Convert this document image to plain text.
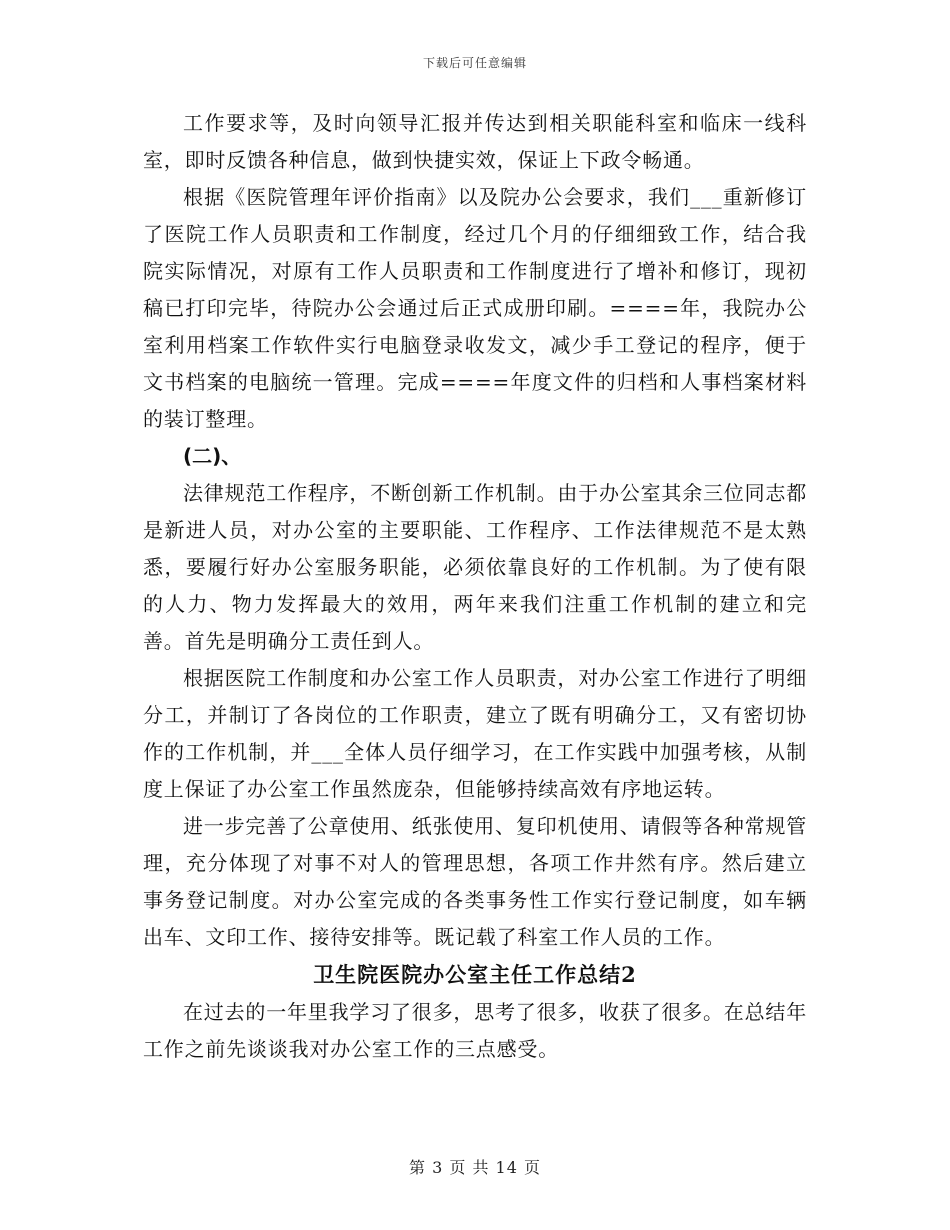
下载后可任意编辑

工作要求等，及时向领导汇报并传达到相关职能科室和临床一线科室，即时反馈各种信息，做到快捷实效，保证上下政令畅通。

根据《医院管理年评价指南》以及院办公会要求，我们___重新修订了医院工作人员职责和工作制度，经过几个月的仔细细致工作，结合我院实际情况，对原有工作人员职责和工作制度进行了增补和修订，现初稿已打印完毕，待院办公会通过后正式成册印刷。====年，我院办公室利用档案工作软件实行电脑登录收发文，减少手工登记的程序，便于文书档案的电脑统一管理。完成====年度文件的归档和人事档案材料的装订整理。

(二)、

法律规范工作程序，不断创新工作机制。由于办公室其余三位同志都是新进人员，对办公室的主要职能、工作程序、工作法律规范不是太熟悉，要履行好办公室服务职能，必须依靠良好的工作机制。为了使有限的人力、物力发挥最大的效用，两年来我们注重工作机制的建立和完善。首先是明确分工责任到人。

根据医院工作制度和办公室工作人员职责，对办公室工作进行了明细分工，并制订了各岗位的工作职责，建立了既有明确分工，又有密切协作的工作机制，并___全体人员仔细学习，在工作实践中加强考核，从制度上保证了办公室工作虽然庞杂，但能够持续高效有序地运转。

进一步完善了公章使用、纸张使用、复印机使用、请假等各种常规管理，充分体现了对事不对人的管理思想，各项工作井然有序。然后建立事务登记制度。对办公室完成的各类事务性工作实行登记制度，如车辆出车、文印工作、接待安排等。既记载了科室工作人员的工作。

卫生院医院办公室主任工作总结2

在过去的一年里我学习了很多，思考了很多，收获了很多。在总结年工作之前先谈谈我对办公室工作的三点感受。

第 3 页 共 14 页
